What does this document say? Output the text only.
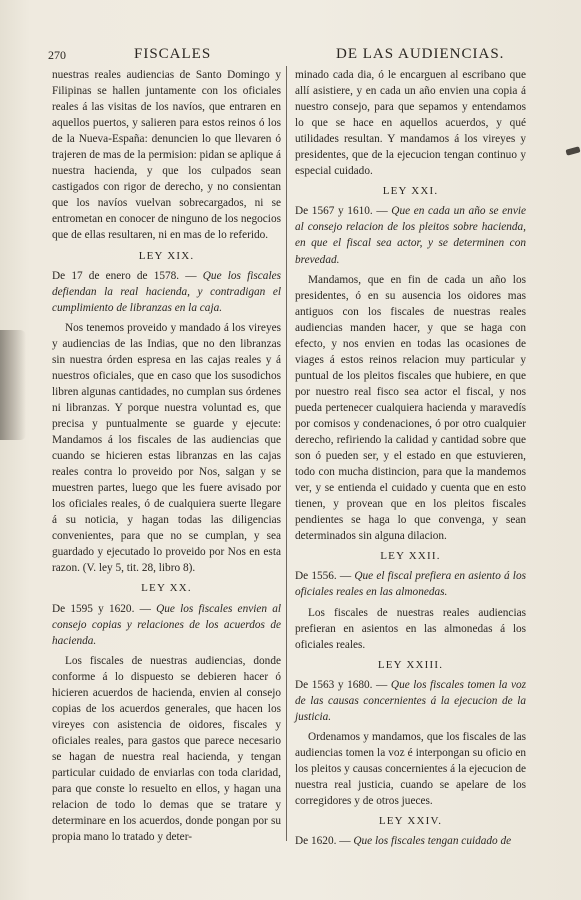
270	FISCALES	DE LAS AUDIENCIAS.

nuestras reales audiencias de Santo Domingo y Filipinas se hallen juntamente con los oficiales reales á las visitas de los navíos, que entraren en aquellos puertos, y salieren para estos reinos ó los de la Nueva-España: denuncien lo que llevaren ó trajeren de mas de la permision: pidan se aplique á nuestra hacienda, y que los culpados sean castigados con rigor de derecho, y no consientan que los navíos vuelvan sobrecargados, ni se entrometan en conocer de ninguno de los negocios que de ellas resultaren, ni en mas de lo referido.

LEY XIX.

De 17 de enero de 1578. — Que los fiscales defiendan la real hacienda, y contradigan el cumplimiento de libranzas en la caja.

Nos tenemos proveido y mandado á los vireyes y audiencias de las Indias, que no den libranzas sin nuestra órden espresa en las cajas reales y á nuestros oficiales, que en caso que los susodichos libren algunas cantidades, no cumplan sus órdenes ni libranzas. Y porque nuestra voluntad es, que precisa y puntualmente se guarde y ejecute: Mandamos á los fiscales de las audiencias que cuando se hicieren estas libranzas en las cajas reales contra lo proveido por Nos, salgan y se muestren partes, luego que les fuere avisado por los oficiales reales, ó de cualquiera suerte llegare á su noticia, y hagan todas las diligencias convenientes, para que no se cumplan, y sea guardado y ejecutado lo proveido por Nos en esta razon. (V. ley 5, tit. 28, libro 8).

LEY XX.

De 1595 y 1620. — Que los fiscales envien al consejo copias y relaciones de los acuerdos de hacienda.

Los fiscales de nuestras audiencias, donde conforme á lo dispuesto se debieren hacer ó hicieren acuerdos de hacienda, envien al consejo copias de los acuerdos generales, que hacen los vireyes con asistencia de oidores, fiscales y oficiales reales, para gastos que parece necesario se hagan de nuestra real hacienda, y tengan particular cuidado de enviarlas con toda claridad, para que conste lo resuelto en ellos, y hagan una relacion de todo lo demas que se tratare y determinare en los acuerdos, donde pongan por su propia mano lo tratado y deter-

minado cada dia, ó le encarguen al escribano que allí asistiere, y en cada un año envien una copia á nuestro consejo, para que sepamos y entendamos lo que se hace en aquellos acuerdos, y qué utilidades resultan. Y mandamos á los vireyes y presidentes, que de la ejecucion tengan continuo y especial cuidado.

LEY XXI.

De 1567 y 1610. — Que en cada un año se envie al consejo relacion de los pleitos sobre hacienda, en que el fiscal sea actor, y se determinen con brevedad.

Mandamos, que en fin de cada un año los presidentes, ó en su ausencia los oidores mas antiguos con los fiscales de nuestras reales audiencias manden hacer, y que se haga con efecto, y nos envien en todas las ocasiones de viages á estos reinos relacion muy particular y puntual de los pleitos fiscales que hubiere, en que por nuestro real fisco sea actor el fiscal, y nos pueda pertenecer cualquiera hacienda y maravedís por comisos y condenaciones, ó por otro cualquier derecho, refiriendo la calidad y cantidad sobre que son ó pueden ser, y el estado en que estuvieren, todo con mucha distincion, para que la mandemos ver, y se entienda el cuidado y cuenta que en esto tienen, y provean que en los pleitos fiscales pendientes se haga lo que convenga, y sean determinados sin alguna dilacion.

LEY XXII.

De 1556. — Que el fiscal prefiera en asiento á los oficiales reales en las almonedas.

Los fiscales de nuestras reales audiencias prefieran en asientos en las almonedas á los oficiales reales.

LEY XXIII.

De 1563 y 1680. — Que los fiscales tomen la voz de las causas concernientes á la ejecucion de la justicia.

Ordenamos y mandamos, que los fiscales de las audiencias tomen la voz é interpongan su oficio en los pleitos y causas concernientes á la ejecucion de nuestra real justicia, cuando se apelare de los corregidores y de otros jueces.

LEY XXIV.

De 1620. — Que los fiscales tengan cuidado de
